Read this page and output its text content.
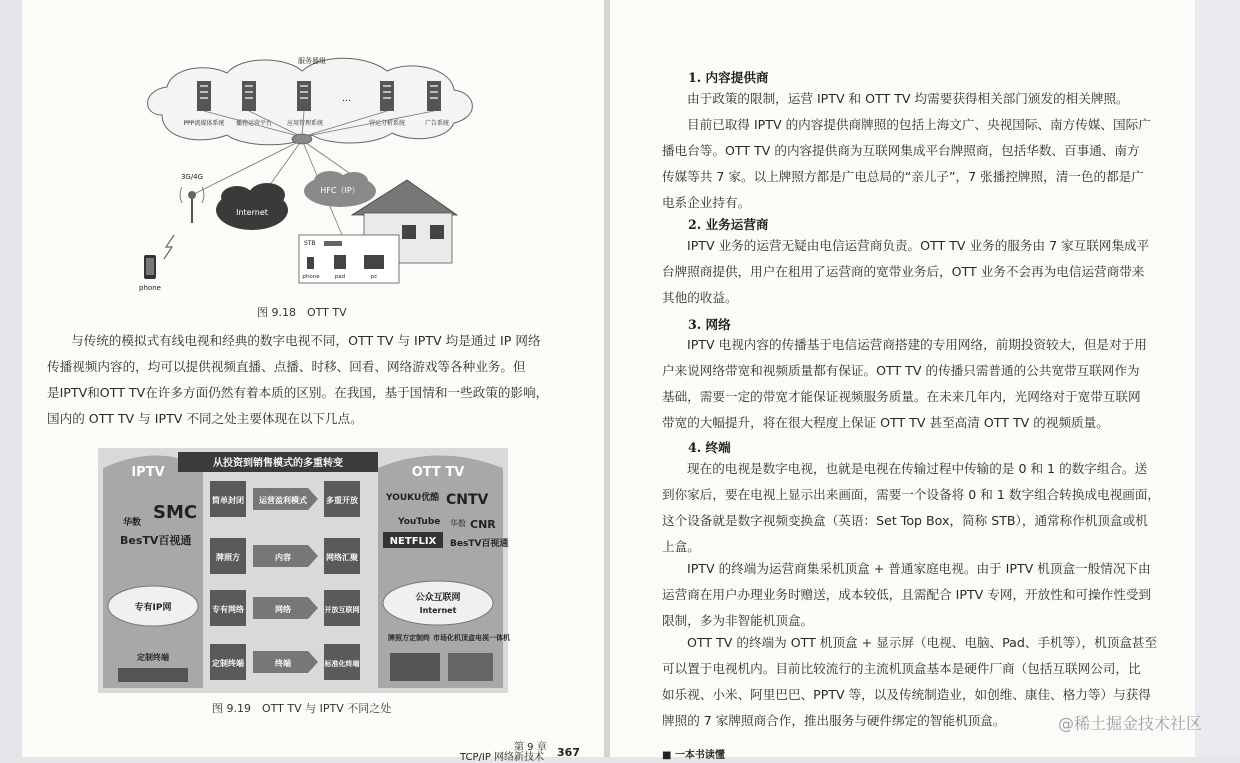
服务器组
…
PPP流媒体系统 播控运营平台 应用管理系统	营运分析系统	广告系统
3G/4G
Internet
HFC（IP）
STB
phone	pad	pc
phone
图 9.18　OTT TV
与传统的模拟式有线电视和经典的数字电视不同，OTT TV 与 IPTV 均是通过 IP 网络
传播视频内容的，均可以提供视频直播、点播、时移、回看、网络游戏等各种业务。但
是IPTV和OTT TV在许多方面仍然有着本质的区别。在我国，基于国情和一些政策的影响，
国内的 OTT TV 与 IPTV 不同之处主要体现在以下几点。
从投资到销售模式的多重转变
IPTV	OTT TV
SMC
华数
BesTV百视通
YOUKU优酷 CNTV
YouTube
NETFLIX
华数 CNR
BesTV百视通
简单封闭
牌照方
专有网络
定制终端
运营盈利模式
内容
网络
终端
多重开放
网络汇聚
开放互联网
标准化终端
专有IP网
定制终端
公众互联网
Internet
牌照方定制终 市场化机顶盒电视一体机
图 9.19　OTT TV 与 IPTV 不同之处
第 9 章
TCP/IP 网络新技术 367
1. 内容提供商
由于政策的限制，运营 IPTV 和 OTT TV 均需要获得相关部门颁发的相关牌照。
目前已取得 IPTV 的内容提供商牌照的包括上海文广、央视国际、南方传媒、国际广
播电台等。OTT TV 的内容提供商为互联网集成平台牌照商，包括华数、百事通、南方
传媒等共 7 家。以上牌照方都是广电总局的“亲儿子”，7 张播控牌照，清一色的都是广
电系企业持有。
2. 业务运营商
IPTV 业务的运营无疑由电信运营商负责。OTT TV 业务的服务由 7 家互联网集成平
台牌照商提供，用户在租用了运营商的宽带业务后，OTT 业务不会再为电信运营商带来
其他的收益。
3. 网络
IPTV 电视内容的传播基于电信运营商搭建的专用网络，前期投资较大，但是对于用
户来说网络带宽和视频质量都有保证。OTT TV 的传播只需普通的公共宽带互联网作为
基础，需要一定的带宽才能保证视频服务质量。在未来几年内，光网络对于宽带互联网
带宽的大幅提升，将在很大程度上保证 OTT TV 甚至高清 OTT TV 的视频质量。
4. 终端
现在的电视是数字电视，也就是电视在传输过程中传输的是 0 和 1 的数字组合。送
到你家后，要在电视上显示出来画面，需要一个设备将 0 和 1 数字组合转换成电视画面，
这个设备就是数字视频变换盒（英语：Set Top Box，简称 STB），通常称作机顶盒或机
上盒。
IPTV 的终端为运营商集采机顶盒 + 普通家庭电视。由于 IPTV 机顶盒一般情况下由
运营商在用户办理业务时赠送，成本较低，且需配合 IPTV 专网，开放性和可操作性受到
限制，多为非智能机顶盒。
OTT TV 的终端为 OTT 机顶盒 + 显示屏（电视、电脑、Pad、手机等），机顶盒甚至
可以置于电视机内。目前比较流行的主流机顶盒基本是硬件厂商（包括互联网公司，比
如乐视、小米、阿里巴巴、PPTV 等，以及传统制造业，如创维、康佳、格力等）与获得
牌照的 7 家牌照商合作，推出服务与硬件绑定的智能机顶盒。
■ 一本书读懂
@稀土掘金技术社区
